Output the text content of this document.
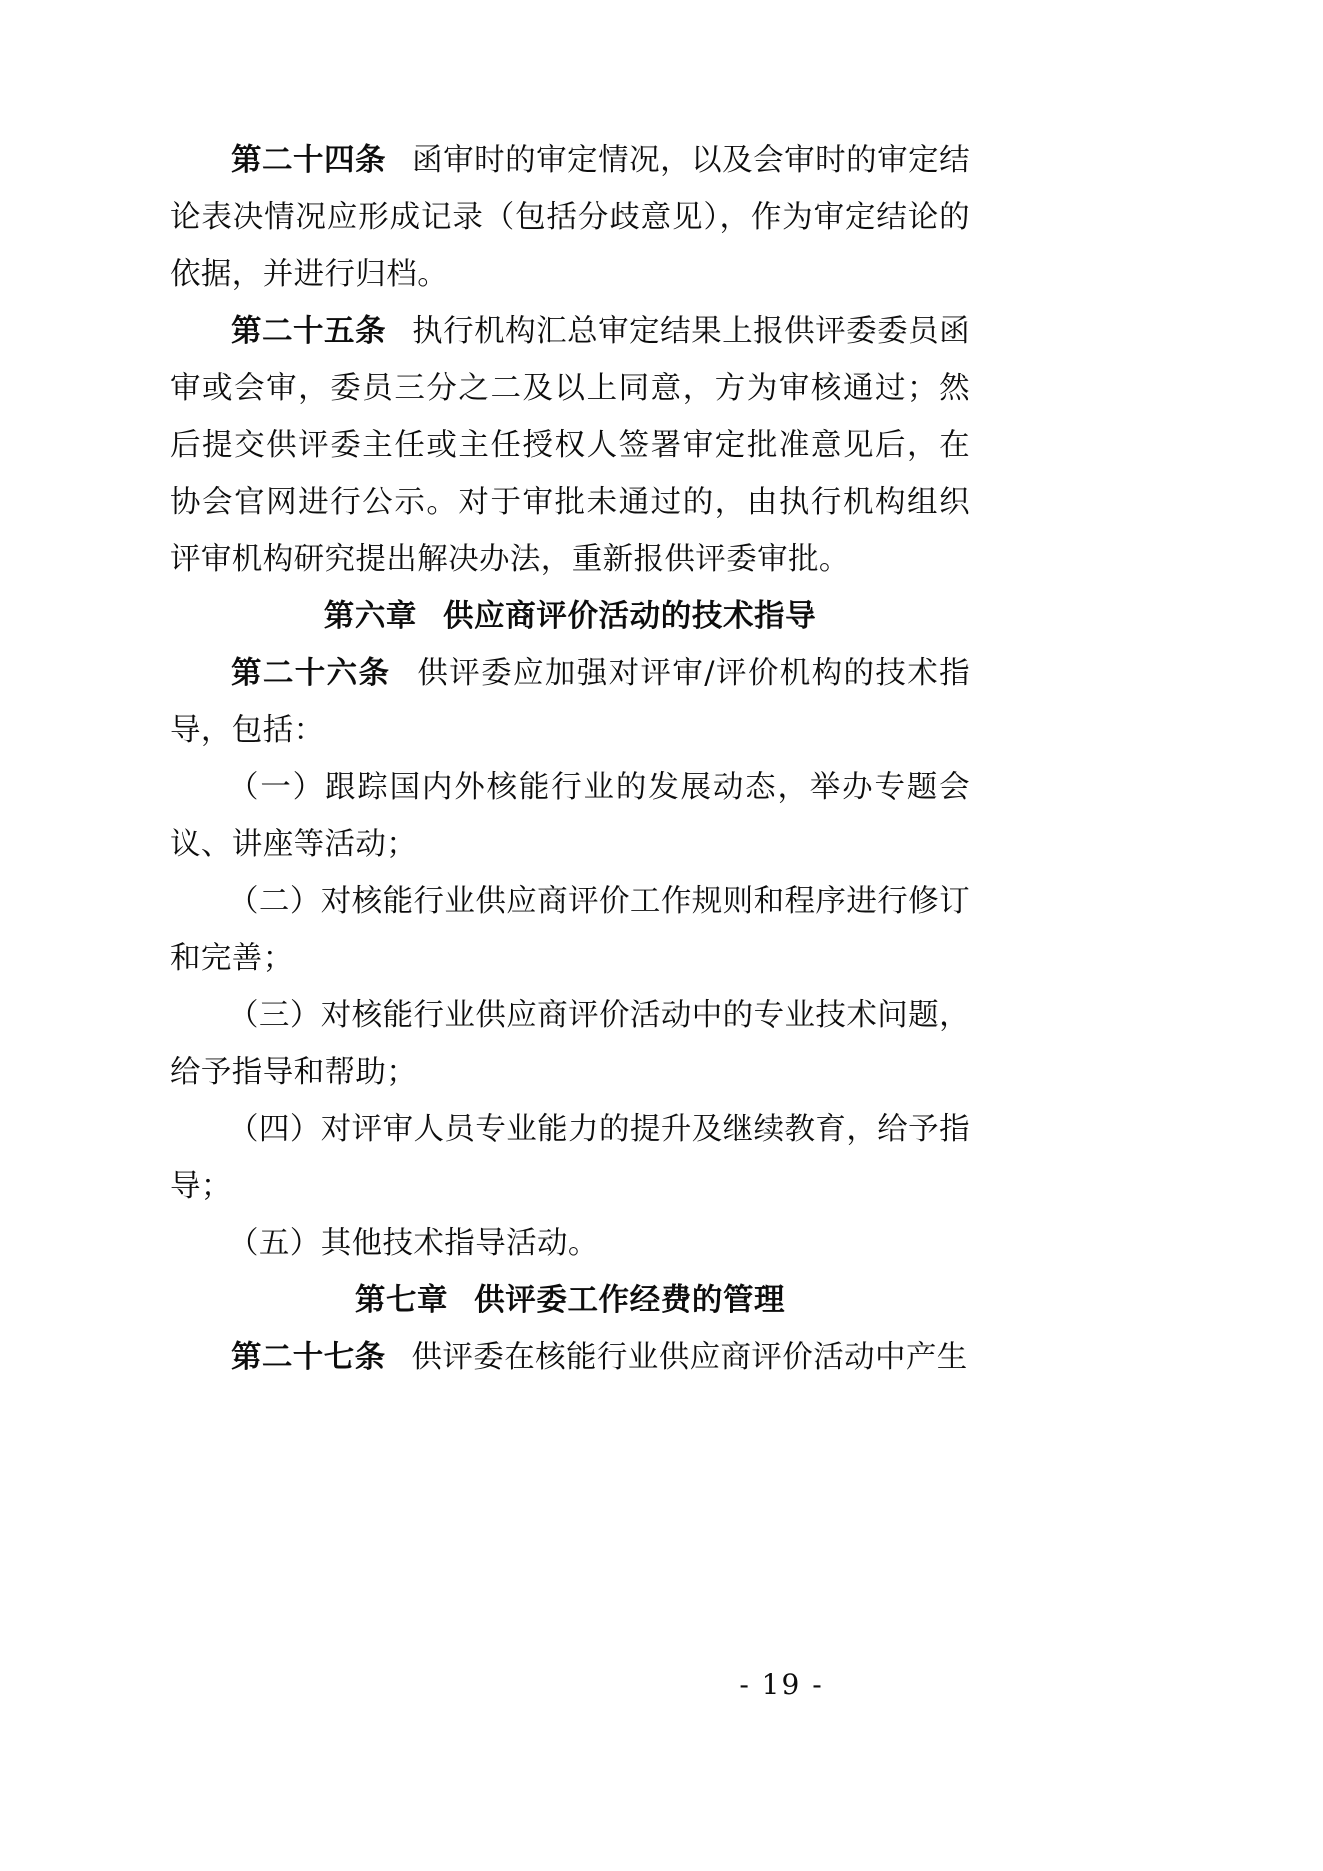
第二十四条 函审时的审定情况，以及会审时的审定结论表决情况应形成记录（包括分歧意见），作为审定结论的依据，并进行归档。

第二十五条 执行机构汇总审定结果上报供评委委员函审或会审，委员三分之二及以上同意，方为审核通过；然后提交供评委主任或主任授权人签署审定批准意见后，在协会官网进行公示。对于审批未通过的，由执行机构组织评审机构研究提出解决办法，重新报供评委审批。

第六章 供应商评价活动的技术指导

第二十六条 供评委应加强对评审/评价机构的技术指导，包括：

（一）跟踪国内外核能行业的发展动态，举办专题会议、讲座等活动；

（二）对核能行业供应商评价工作规则和程序进行修订和完善；

（三）对核能行业供应商评价活动中的专业技术问题，给予指导和帮助；

（四）对评审人员专业能力的提升及继续教育，给予指导；

（五）其他技术指导活动。

第七章 供评委工作经费的管理

第二十七条 供评委在核能行业供应商评价活动中产生

- 19 -
